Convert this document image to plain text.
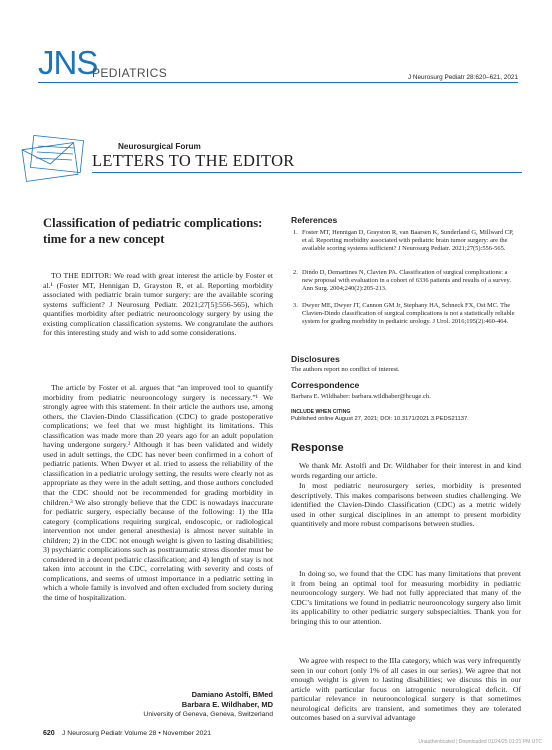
JNS
PEDIATRICS	J Neurosurg Pediatr 28:620–621, 2021
Neurosurgical Forum
LETTERS TO THE EDITOR
Classification of pediatric complications: time for a new concept
TO THE EDITOR: We read with great interest the article by Foster et al.¹ (Foster MT, Hennigan D, Grayston R, et al. Reporting morbidity associated with pediatric brain tumor surgery: are the available scoring systems sufficient? J Neurosurg Pediatr. 2021;27[5]:556-565), which quantifies morbidity after pediatric neurooncology surgery by using the existing complication classification systems. We congratulate the authors for this interesting study and wish to add some considerations.
The article by Foster et al. argues that “an improved tool to quantify morbidity from pediatric neurooncology surgery is necessary.”¹ We strongly agree with this statement. In their article the authors use, among others, the Clavien-Dindo Classification (CDC) to grade postoperative complications; we feel that we must highlight its limitations. This classification was made more than 20 years ago for an adult population having undergone surgery.² Although it has been validated and widely used in adult settings, the CDC has never been confirmed in a cohort of pediatric patients. When Dwyer et al. tried to assess the reliability of the classification in a pediatric urology setting, the results were clearly not as appropriate as they were in the adult setting, and those authors concluded that the CDC should not be recommended for grading morbidity in children.³ We also strongly believe that the CDC is nowadays inaccurate for pediatric surgery, especially because of the following: 1) the IIIa category (complications requiring surgical, endoscopic, or radiological intervention not under general anesthesia) is almost never suitable in children; 2) in the CDC not enough weight is given to lasting disabilities; 3) psychiatric complications such as posttraumatic stress disorder must be considered in a decent pediatric classification; and 4) length of stay is not taken into account in the CDC, correlating with severity and costs of complications, and seems of utmost importance in a pediatric setting in which a whole family is involved and often excluded from society during the time of hospitalization.
Damiano Astolfi, BMed
Barbara E. Wildhaber, MD
University of Geneva, Geneva, Switzerland
References
1. Foster MT, Hennigan D, Grayston R, van Baarsen K, Sunderland G, Millward CP, et al. Reporting morbidity associated with pediatric brain tumor surgery: are the available scoring systems sufficient? J Neurosurg Pediatr. 2021;27(5):556-565.
2. Dindo D, Demartines N, Clavien PA. Classification of surgical complications: a new proposal with evaluation in a cohort of 6336 patients and results of a survey. Ann Surg. 2004;240(2):205-213.
3. Dwyer ME, Dwyer JT, Cannon GM Jr, Stephany HA, Schneck FX, Ost MC. The Clavien-Dindo classification of surgical complications is not a statistically reliable system for grading morbidity in pediatric urology. J Urol. 2016;195(2):460-464.
Disclosures
The authors report no conflict of interest.
Correspondence
Barbara E. Wildhaber: barbara.wildhaber@hcuge.ch.
INCLUDE WHEN CITING
Published online August 27, 2021; DOI: 10.3171/2021.3.PEDS21137.
Response
We thank Mr. Astolfi and Dr. Wildhaber for their interest in and kind words regarding our article.
In most pediatric neurosurgery series, morbidity is presented descriptively. This makes comparisons between studies challenging. We identified the Clavien-Dindo Classification (CDC) as a metric widely used in other surgical disciplines in an attempt to present morbidity quantitively and more robust comparisons between studies.
In doing so, we found that the CDC has many limitations that prevent it from being an optimal tool for measuring morbidity in pediatric neurooncology surgery. We had not fully appreciated that many of the CDC’s limitations we found in pediatric neurooncology surgery also limit its applicability to other pediatric surgery subspecialties. Thank you for bringing this to our attention.
We agree with respect to the IIIa category, which was very infrequently seen in our cohort (only 1% of all cases in our series). We agree that not enough weight is given to lasting disabilities; we discuss this in our article with particular focus on iatrogenic neurological deficit. Of particular relevance in neurooncological surgery is that sometimes neurological deficits are transient, and sometimes they are tolerated outcomes based on a survival advantage
620 J Neurosurg Pediatr Volume 28 • November 2021
Unauthenticated | Downloaded 01/24/25 01:21 PM UTC
